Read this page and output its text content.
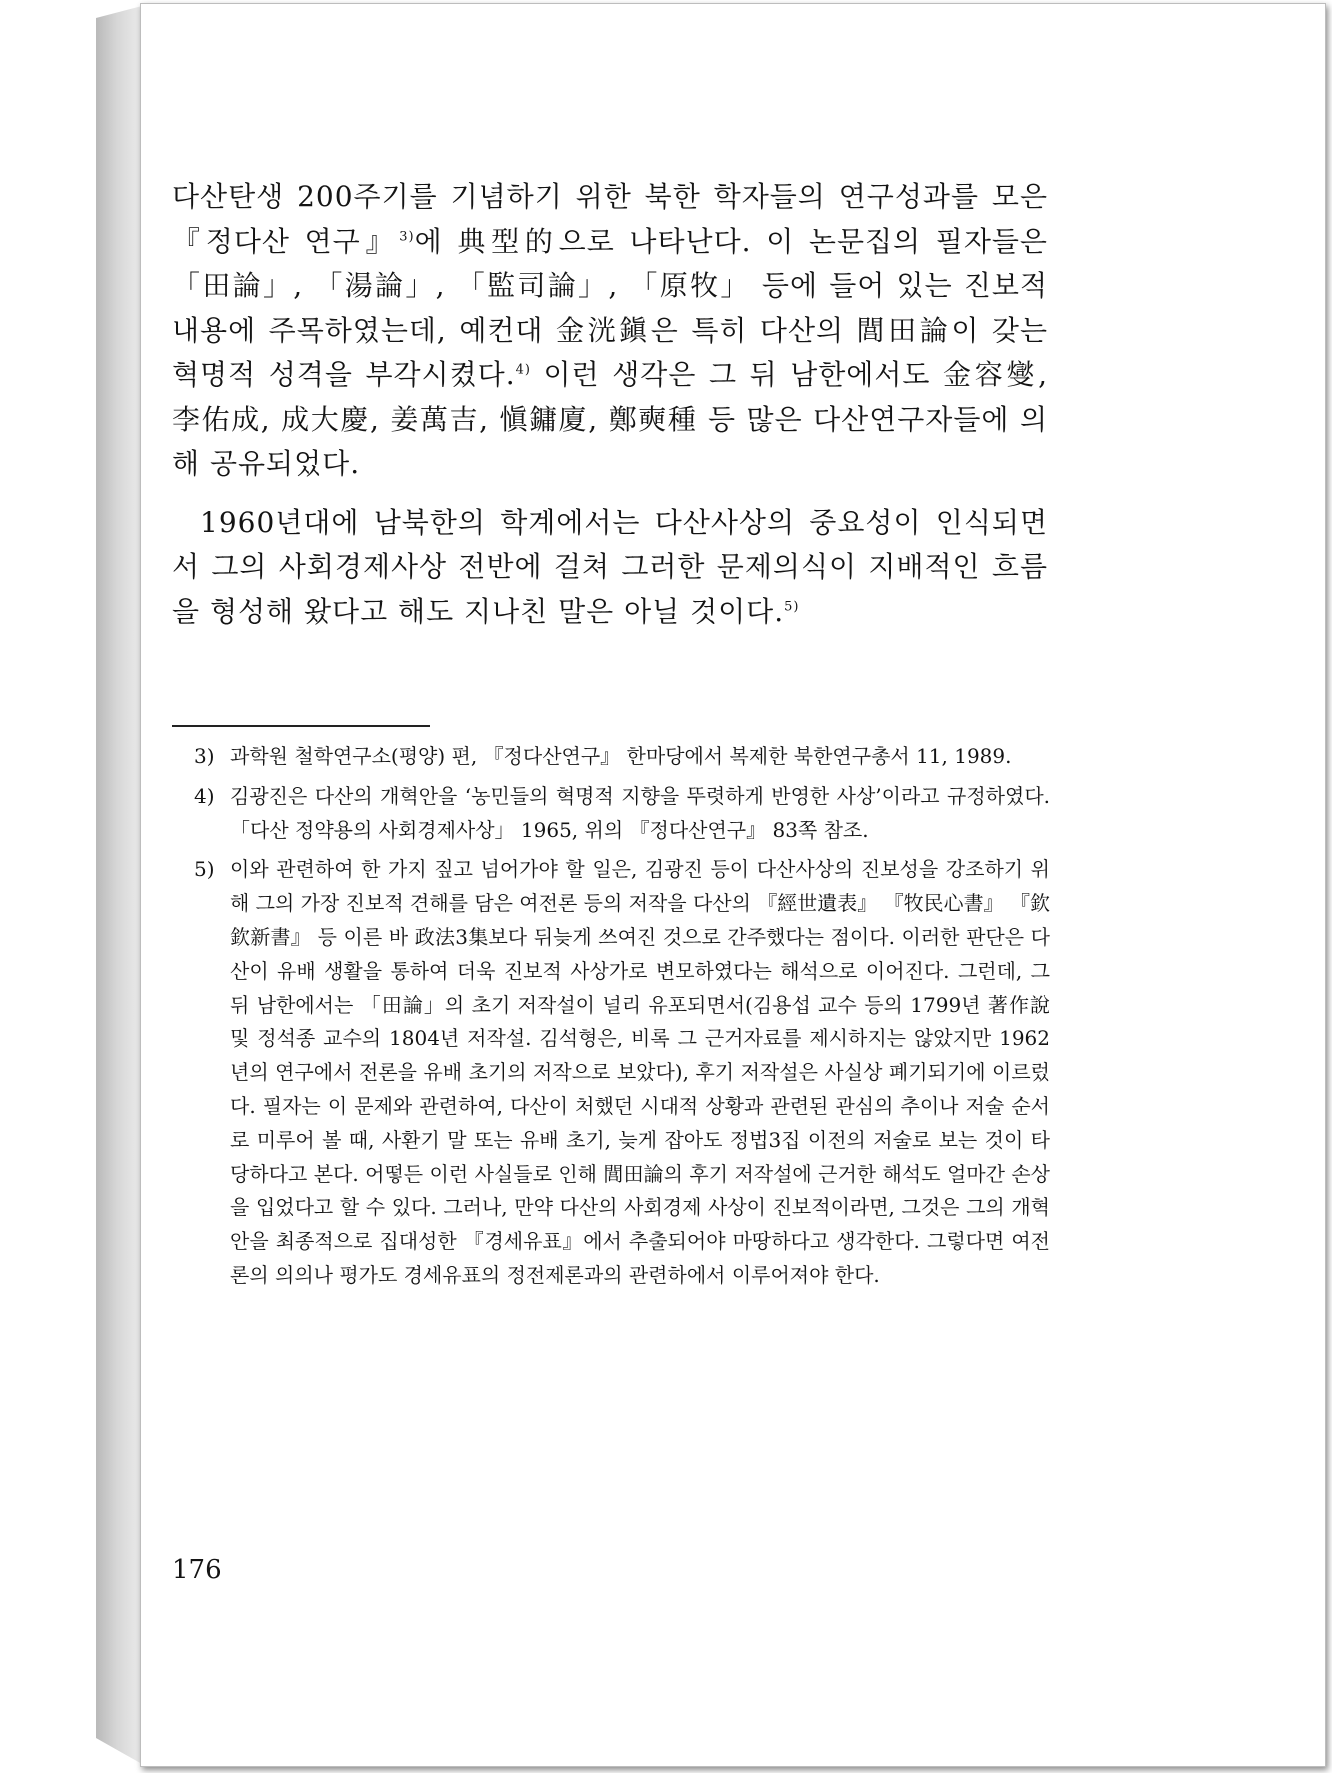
다산탄생 200주기를 기념하기 위한 북한 학자들의 연구성과를 모은 『정다산 연구』$^{3)}$에 典型的으로 나타난다. 이 논문집의 필자들은 「田論」, 「湯論」, 「監司論」, 「原牧」 등에 들어 있는 진보적 내용에 주목하였는데, 예컨대 金洸鎭은 특히 다산의 閭田論이 갖는 혁명적 성격을 부각시켰다.$^{4)}$ 이런 생각은 그 뒤 남한에서도 金容燮, 李佑成, 成大慶, 姜萬吉, 愼鏞廈, 鄭奭種 등 많은 다산연구자들에 의해 공유되었다.

1960년대에 남북한의 학계에서는 다산사상의 중요성이 인식되면서 그의 사회경제사상 전반에 걸쳐 그러한 문제의식이 지배적인 흐름을 형성해 왔다고 해도 지나친 말은 아닐 것이다.$^{5)}$

3) 과학원 철학연구소(평양) 편, 『정다산연구』 한마당에서 복제한 북한연구총서 11, 1989.
4) 김광진은 다산의 개혁안을 ‘농민들의 혁명적 지향을 뚜렷하게 반영한 사상’이라고 규정하였다. 「다산 정약용의 사회경제사상」 1965, 위의 『정다산연구』 83쪽 참조.
5) 이와 관련하여 한 가지 짚고 넘어가야 할 일은, 김광진 등이 다산사상의 진보성을 강조하기 위해 그의 가장 진보적 견해를 담은 여전론 등의 저작을 다산의 『經世遺表』 『牧民心書』 『欽欽新書』 등 이른 바 政法3集보다 뒤늦게 쓰여진 것으로 간주했다는 점이다. 이러한 판단은 다산이 유배 생활을 통하여 더욱 진보적 사상가로 변모하였다는 해석으로 이어진다. 그런데, 그 뒤 남한에서는 「田論」의 초기 저작설이 널리 유포되면서(김용섭 교수 등의 1799년 著作說 및 정석종 교수의 1804년 저작설. 김석형은, 비록 그 근거자료를 제시하지는 않았지만 1962년의 연구에서 전론을 유배 초기의 저작으로 보았다), 후기 저작설은 사실상 폐기되기에 이르렀다. 필자는 이 문제와 관련하여, 다산이 처했던 시대적 상황과 관련된 관심의 추이나 저술 순서로 미루어 볼 때, 사환기 말 또는 유배 초기, 늦게 잡아도 정법3집 이전의 저술로 보는 것이 타당하다고 본다. 어떻든 이런 사실들로 인해 閭田論의 후기 저작설에 근거한 해석도 얼마간 손상을 입었다고 할 수 있다. 그러나, 만약 다산의 사회경제 사상이 진보적이라면, 그것은 그의 개혁안을 최종적으로 집대성한 『경세유표』에서 추출되어야 마땅하다고 생각한다. 그렇다면 여전론의 의의나 평가도 경세유표의 정전제론과의 관련하에서 이루어져야 한다.
176
